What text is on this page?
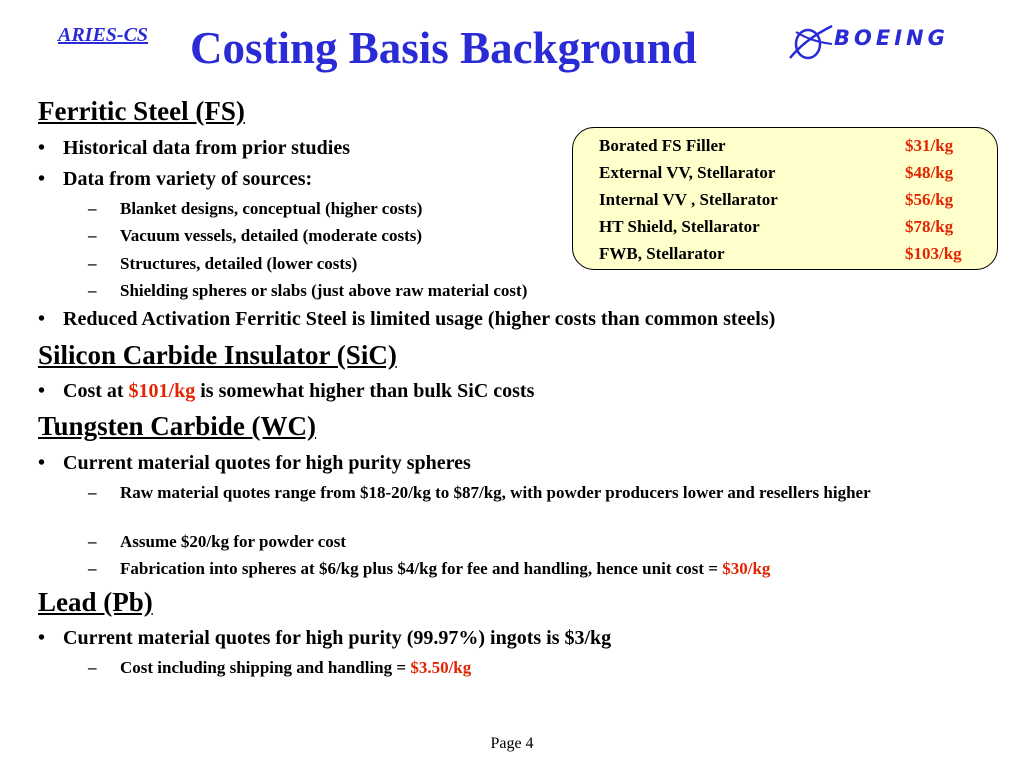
ARIES-CS Costing Basis Background	BOEING
Borated FS Filler	$31/kg
External VV, Stellarator	$48/kg
Internal VV , Stellarator	$56/kg
HT Shield, Stellarator	$78/kg
FWB, Stellarator	$103/kg
Ferritic Steel (FS)
• Historical data from prior studies
• Data from variety of sources:
– Blanket designs, conceptual (higher costs)
– Vacuum vessels, detailed (moderate costs)
– Structures, detailed (lower costs)
– Shielding spheres or slabs (just above raw material cost)
• Reduced Activation Ferritic Steel is limited usage (higher costs than common steels)
Silicon Carbide Insulator (SiC)
• Cost at $101/kg is somewhat higher than bulk SiC costs
Tungsten Carbide (WC)
• Current material quotes for high purity spheres
– Raw material quotes range from $18-20/kg to $87/kg, with powder producers lower and resellers higher
– Assume $20/kg for powder cost
– Fabrication into spheres at $6/kg plus $4/kg for fee and handling, hence unit cost = $30/kg
Lead (Pb)
• Current material quotes for high purity (99.97%) ingots is $3/kg
– Cost including shipping and handling = $3.50/kg
Page 4
